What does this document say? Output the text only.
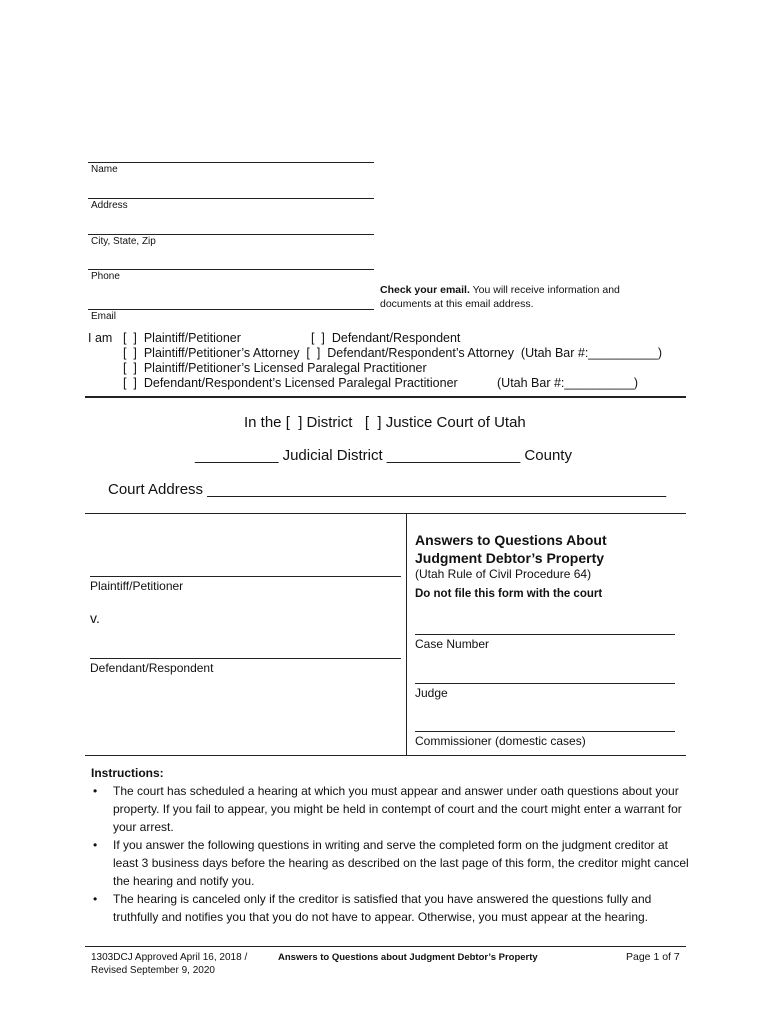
Name
Address
City, State, Zip
Phone
Email
Check your email. You will receive information and
documents at this email address.
I am [  ]  Plaintiff/Petitioner	[  ]  Defendant/Respondent
[  ]  Plaintiff/Petitioner’s Attorney  [  ]  Defendant/Respondent’s Attorney  (Utah Bar #:__________)
[  ]  Plaintiff/Petitioner’s Licensed Paralegal Practitioner
[  ]  Defendant/Respondent’s Licensed Paralegal Practitioner	(Utah Bar #:__________)
In the [  ] District   [  ] Justice Court of Utah
__________ Judicial District ________________ County
Court Address _______________________________________________________
Plaintiff/Petitioner
v.
Defendant/Respondent
Answers to Questions About
Judgment Debtor’s Property
(Utah Rule of Civil Procedure 64)
Do not file this form with the court
Case Number
Judge
Commissioner (domestic cases)
Instructions:
• The court has scheduled a hearing at which you must appear and answer under oath questions about your property. If you fail to appear, you might be held in contempt of court and the court might enter a warrant for your arrest.
• If you answer the following questions in writing and serve the completed form on the judgment creditor at least 3 business days before the hearing as described on the last page of this form, the creditor might cancel the hearing and notify you.
• The hearing is canceled only if the creditor is satisfied that you have answered the questions fully and truthfully and notifies you that you do not have to appear. Otherwise, you must appear at the hearing.
1303DCJ Approved April 16, 2018 /
Revised September 9, 2020
Answers to Questions about Judgment Debtor’s Property	Page 1 of 7
